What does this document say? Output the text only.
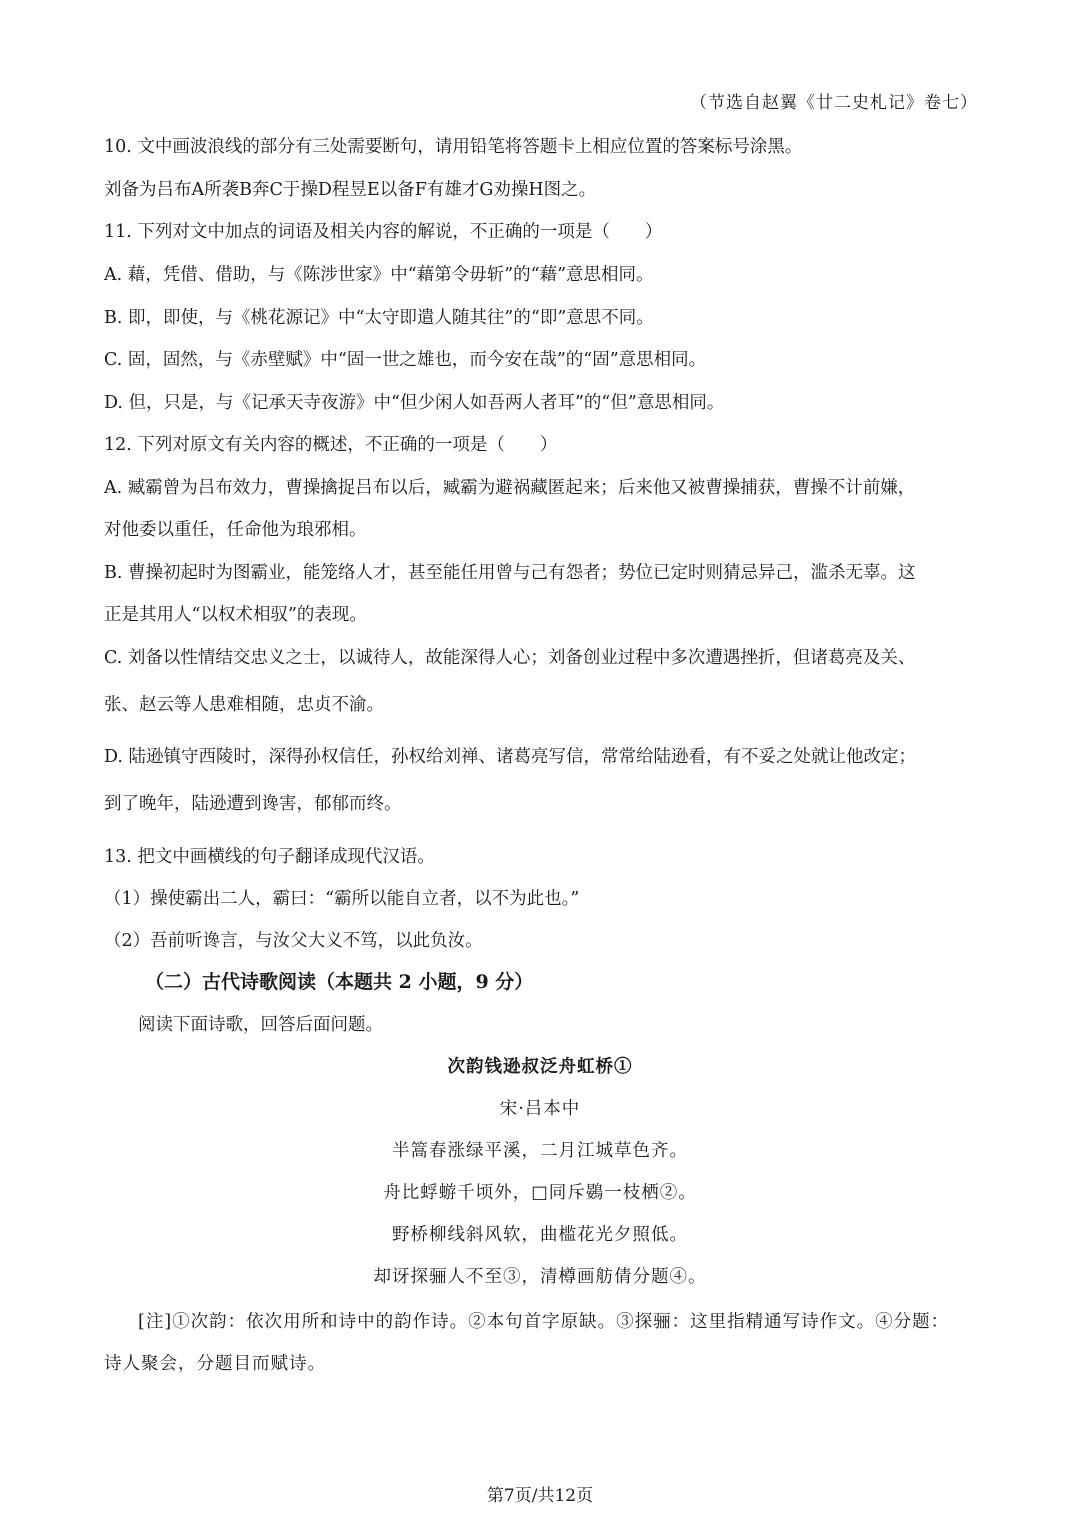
（节选自赵翼《廿二史札记》卷七）
10. 文中画波浪线的部分有三处需要断句，请用铅笔将答题卡上相应位置的答案标号涂黑。
刘备为吕布A所袭B奔C于操D程昱E以备F有雄才G劝操H图之。
11. 下列对文中加点的词语及相关内容的解说，不正确的一项是（　　）
A. 藉，凭借、借助，与《陈涉世家》中“藉第令毋斩”的“藉”意思相同。
B. 即，即使，与《桃花源记》中“太守即遣人随其往”的“即”意思不同。
C. 固，固然，与《赤壁赋》中“固一世之雄也，而今安在哉”的“固”意思相同。
D. 但，只是，与《记承天寺夜游》中“但少闲人如吾两人者耳”的“但”意思相同。
12. 下列对原文有关内容的概述，不正确的一项是（　　）
A. 臧霸曾为吕布效力，曹操擒捉吕布以后，臧霸为避祸藏匿起来；后来他又被曹操捕获，曹操不计前嫌，
对他委以重任，任命他为琅邪相。
B. 曹操初起时为图霸业，能笼络人才，甚至能任用曾与己有怨者；势位已定时则猜忌异己，滥杀无辜。这
正是其用人“以权术相驭”的表现。
C. 刘备以性情结交忠义之士，以诚待人，故能深得人心；刘备创业过程中多次遭遇挫折，但诸葛亮及关、
张、赵云等人患难相随，忠贞不渝。
D. 陆逊镇守西陵时，深得孙权信任，孙权给刘禅、诸葛亮写信，常常给陆逊看，有不妥之处就让他改定；
到了晚年，陆逊遭到谗害，郁郁而终。
13. 把文中画横线的句子翻译成现代汉语。
（1）操使霸出二人，霸曰：“霸所以能自立者，以不为此也。”
（2）吾前听谗言，与汝父大义不笃，以此负汝。
（二）古代诗歌阅读（本题共 2 小题，9 分）
阅读下面诗歌，回答后面问题。
次韵钱逊叔泛舟虹桥①
宋·吕本中
半篙春涨绿平溪，二月江城草色齐。
舟比蜉蝣千顷外，□同斥鷃一枝栖②。
野桥柳线斜风软，曲槛花光夕照低。
却讶探骊人不至③，清樽画舫倩分题④。
[注]①次韵：依次用所和诗中的韵作诗。②本句首字原缺。③探骊：这里指精通写诗作文。④分题：
诗人聚会，分题目而赋诗。
第7页/共12页
